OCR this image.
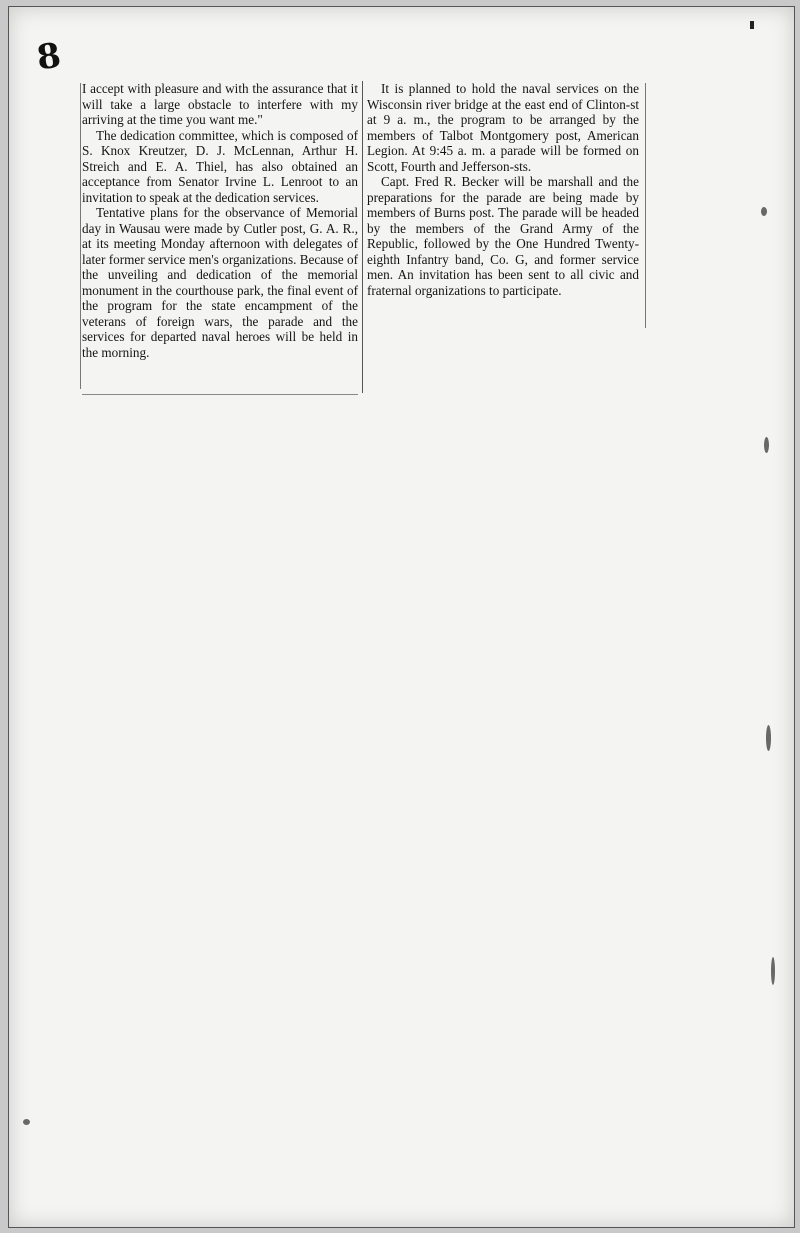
8

I accept with pleasure and with the assurance that it will take a large obstacle to interfere with my arriving at the time you want me."

The dedication committee, which is composed of S. Knox Kreutzer, D. J. McLennan, Arthur H. Streich and E. A. Thiel, has also obtained an acceptance from Senator Irvine L. Lenroot to an invitation to speak at the dedication services.

Tentative plans for the observance of Memorial day in Wausau were made by Cutler post, G. A. R., at its meeting Monday afternoon with delegates of later former service men's organizations. Because of the unveiling and dedication of the memorial monument in the courthouse park, the final event of the program for the state encampment of the veterans of foreign wars, the parade and the services for departed naval heroes will be held in the morning.

It is planned to hold the naval services on the Wisconsin river bridge at the east end of Clinton-st at 9 a. m., the program to be arranged by the members of Talbot Montgomery post, American Legion. At 9:45 a. m. a parade will be formed on Scott, Fourth and Jefferson-sts.

Capt. Fred R. Becker will be marshall and the preparations for the parade are being made by members of Burns post. The parade will be headed by the members of the Grand Army of the Republic, followed by the One Hundred Twenty-eighth Infantry band, Co. G, and former service men. An invitation has been sent to all civic and fraternal organizations to participate.
